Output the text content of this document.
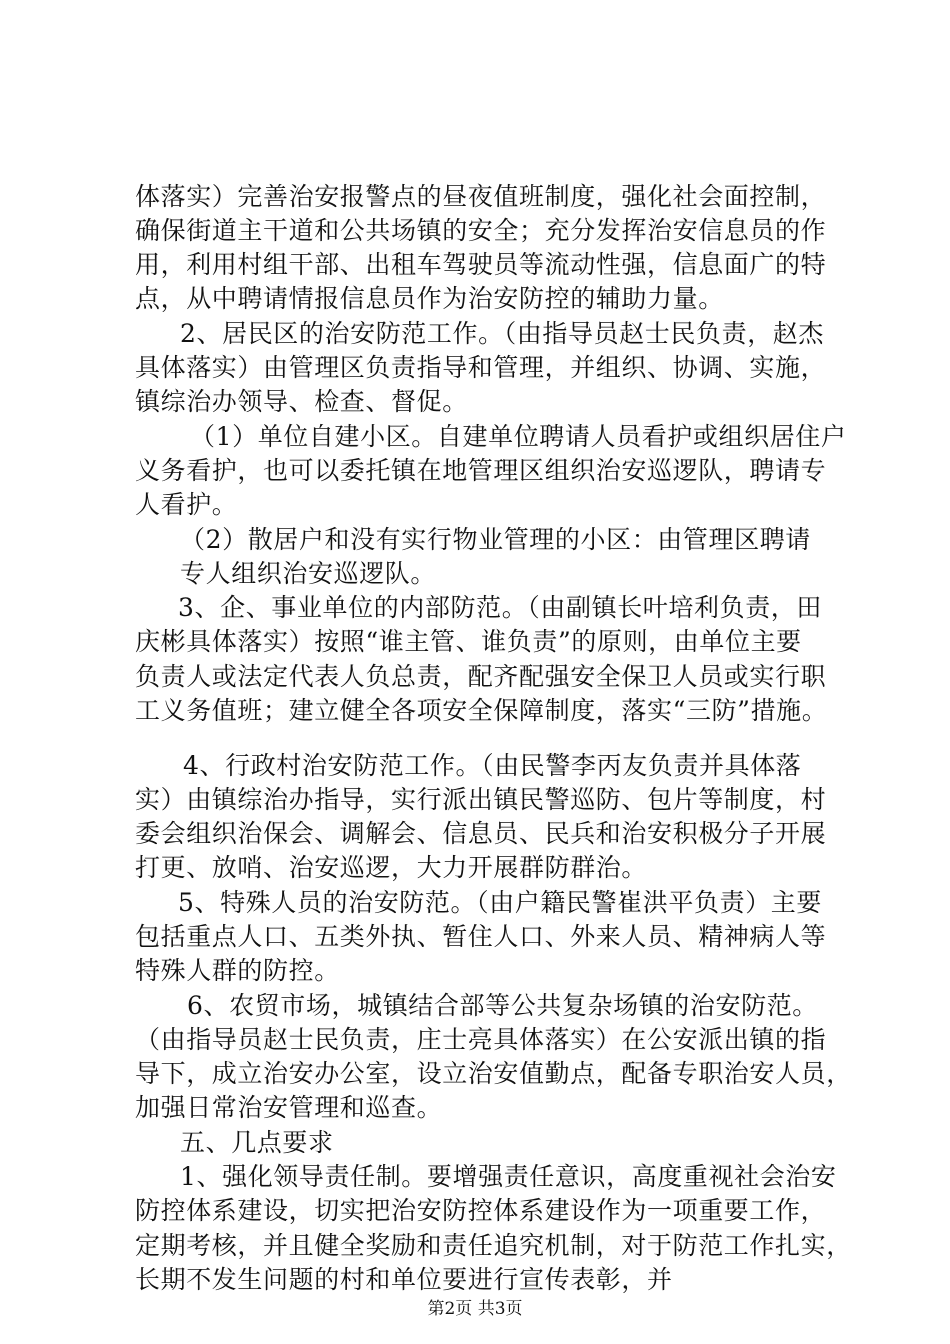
体落实）完善治安报警点的昼夜值班制度，强化社会面控制，
确保街道主干道和公共场镇的安全；充分发挥治安信息员的作
用，利用村组干部、出租车驾驶员等流动性强，信息面广的特
点，从中聘请情报信息员作为治安防控的辅助力量。
2、居民区的治安防范工作。（由指导员赵士民负责，赵杰
具体落实）由管理区负责指导和管理，并组织、协调、实施，
镇综治办领导、检查、督促。
（1）单位自建小区。自建单位聘请人员看护或组织居住户
义务看护，也可以委托镇在地管理区组织治安巡逻队，聘请专
人看护。
（2）散居户和没有实行物业管理的小区：由管理区聘请
专人组织治安巡逻队。
3、企、事业单位的内部防范。（由副镇长叶培利负责，田
庆彬具体落实）按照“谁主管、谁负责”的原则，由单位主要
负责人或法定代表人负总责，配齐配强安全保卫人员或实行职
工义务值班；建立健全各项安全保障制度，落实“三防”措施。
4、行政村治安防范工作。（由民警李丙友负责并具体落
实）由镇综治办指导，实行派出镇民警巡防、包片等制度，村
委会组织治保会、调解会、信息员、民兵和治安积极分子开展
打更、放哨、治安巡逻，大力开展群防群治。
5、特殊人员的治安防范。（由户籍民警崔洪平负责）主要
包括重点人口、五类外执、暂住人口、外来人员、精神病人等
特殊人群的防控。
6、农贸市场，城镇结合部等公共复杂场镇的治安防范。
（由指导员赵士民负责，庄士亮具体落实）在公安派出镇的指
导下，成立治安办公室，设立治安值勤点，配备专职治安人员，
加强日常治安管理和巡查。
五、几点要求
1、强化领导责任制。要增强责任意识，高度重视社会治安
防控体系建设，切实把治安防控体系建设作为一项重要工作，
定期考核，并且健全奖励和责任追究机制，对于防范工作扎实，
长期不发生问题的村和单位要进行宣传表彰，并
第2页 共3页
